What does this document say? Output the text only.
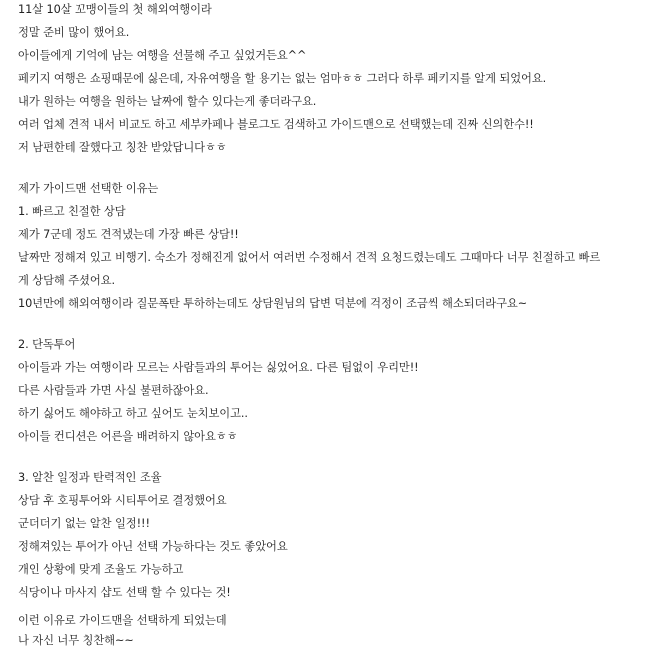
11살 10살 꼬맹이들의 첫 해외여행이라
정말 준비 많이 했어요.
아이들에게 기억에 남는 여행을 선물해 주고 싶었거든요^^
페키지 여행은 쇼핑때문에 싫은데, 자유여행을 할 용기는 없는 엄마ㅎㅎ 그러다 하루 페키지를 알게 되었어요.
내가 원하는 여행을 원하는 날짜에 할수 있다는게 좋더라구요.
여러 업체 견적 내서 비교도 하고 세부카페나 블로그도 검색하고 가이드맨으로 선택했는데 진짜 신의한수!!
저 남편한테 잘했다고 칭찬 받았답니다ㅎㅎ
제가 가이드맨 선택한 이유는
1. 빠르고 친절한 상담
제가 7군데 정도 견적냈는데 가장 빠른 상담!!
날짜만 정해져 있고 비행기. 숙소가 정해진게 없어서 여러번 수정해서 견적 요청드렸는데도 그때마다 너무 친절하고 빠르
게 상담해 주셨어요.
10년만에 해외여행이라 질문폭탄 투하하는데도 상담원님의 답변 덕분에 걱정이 조금씩 해소되더라구요~
2. 단독투어
아이들과 가는 여행이라 모르는 사람들과의 투어는 싫었어요. 다른 팀없이 우리만!!
다른 사람들과 가면 사실 불편하잖아요.
하기 싫어도 해야하고 하고 싶어도 눈치보이고..
아이들 컨디션은 어른을 배려하지 않아요ㅎㅎ
3. 알찬 일정과 탄력적인 조율
상담 후 호핑투어와 시티투어로 결정했어요
군더더기 없는 알찬 일정!!!
정해져있는 투어가 아닌 선택 가능하다는 것도 좋았어요
개인 상황에 맞게 조율도 가능하고
식당이나 마사지 샵도 선택 할 수 있다는 것!
이런 이유로 가이드맨을 선택하게 되었는데
나 자신 너무 칭찬해~~
